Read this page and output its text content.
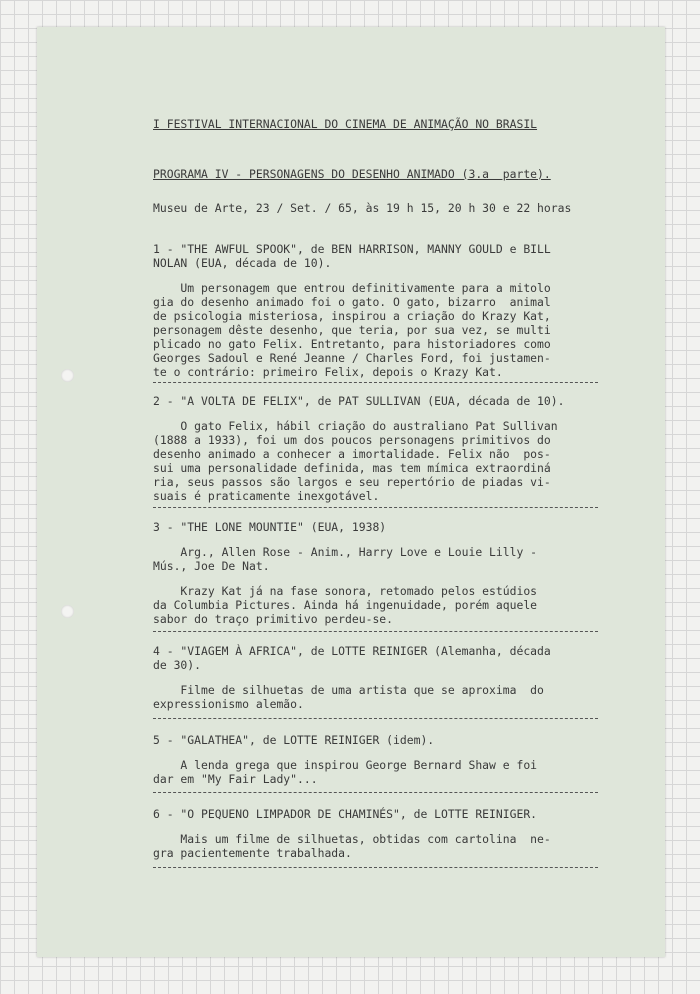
I FESTIVAL INTERNACIONAL DO CINEMA DE ANIMAÇÃO NO BRASIL

PROGRAMA IV - PERSONAGENS DO DESENHO ANIMADO (3.a  parte).

Museu de Arte, 23 / Set. / 65, às 19 h 15, 20 h 30 e 22 horas

1 - "THE AWFUL SPOOK", de BEN HARRISON, MANNY GOULD e BILL

NOLAN (EUA, década de 10).

Um personagem que entrou definitivamente para a mitolo

gia do desenho animado foi o gato. O gato, bizarro  animal

de psicologia misteriosa, inspirou a criação do Krazy Kat,

personagem dêste desenho, que teria, por sua vez, se multi

plicado no gato Felix. Entretanto, para historiadores como

Georges Sadoul e René Jeanne / Charles Ford, foi justamen-

te o contrário: primeiro Felix, depois o Krazy Kat.

2 - "A VOLTA DE FELIX", de PAT SULLIVAN (EUA, década de 10).

O gato Felix, hábil criação do australiano Pat Sullivan

(1888 a 1933), foi um dos poucos personagens primitivos do

desenho animado a conhecer a imortalidade. Felix não  pos-

sui uma personalidade definida, mas tem mímica extraordiná

ria, seus passos são largos e seu repertório de piadas vi-

suais é praticamente inexgotável.

3 - "THE LONE MOUNTIE" (EUA, 1938)

Arg., Allen Rose - Anim., Harry Love e Louie Lilly -

Mús., Joe De Nat.

Krazy Kat já na fase sonora, retomado pelos estúdios

da Columbia Pictures. Ainda há ingenuidade, porém aquele

sabor do traço primitivo perdeu-se.

4 - "VIAGEM À AFRICA", de LOTTE REINIGER (Alemanha, década

de 30).

Filme de silhuetas de uma artista que se aproxima  do

expressionismo alemão.

5 - "GALATHEA", de LOTTE REINIGER (idem).

A lenda grega que inspirou George Bernard Shaw e foi

dar em "My Fair Lady"...

6 - "O PEQUENO LIMPADOR DE CHAMINÉS", de LOTTE REINIGER.

Mais um filme de silhuetas, obtidas com cartolina  ne-

gra pacientemente trabalhada.
